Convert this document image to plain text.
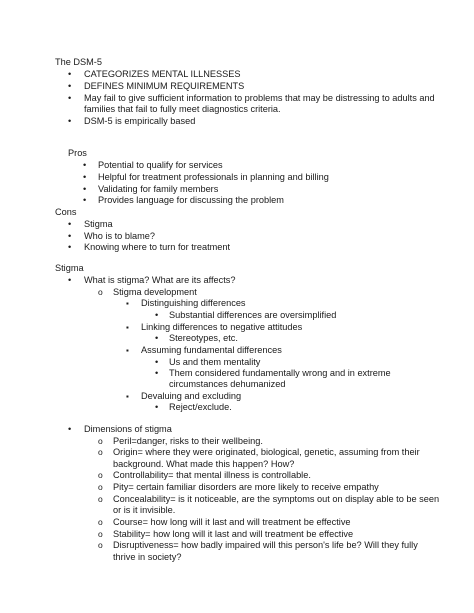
The DSM-5
•
CATEGORIZES MENTAL ILLNESSES
•
DEFINES MINIMUM REQUIREMENTS
•
May fail to give sufficient information to problems that may be distressing to adults and
families that fail to fully meet diagnostics criteria.
•
DSM-5 is empirically based
Pros
•
Potential to qualify for services
•
Helpful for treatment professionals in planning and billing
•
Validating for family members
•
Provides language for discussing the problem
Cons
•
Stigma
•
Who is to blame?
•
Knowing where to turn for treatment
Stigma
•
What is stigma? What are its affects?
o
Stigma development
▪
Distinguishing differences
•
Substantial differences are oversimplified
▪
Linking differences to negative attitudes
•
Stereotypes, etc.
▪
Assuming fundamental differences
•
Us and them mentality
•
Them considered fundamentally wrong and in extreme
circumstances dehumanized
▪
Devaluing and excluding
•
Reject/exclude.
•
Dimensions of stigma
o
Peril=danger, risks to their wellbeing.
o
Origin= where they were originated, biological, genetic, assuming from their
background. What made this happen? How?
o
Controllability= that mental illness is controllable.
o
Pity= certain familiar disorders are more likely to receive empathy
o
Concealability= is it noticeable, are the symptoms out on display able to be seen
or is it invisible.
o
Course= how long will it last and will treatment be effective
o
Stability= how long will it last and will treatment be effective
o
Disruptiveness= how badly impaired will this person's life be? Will they fully
thrive in society?
